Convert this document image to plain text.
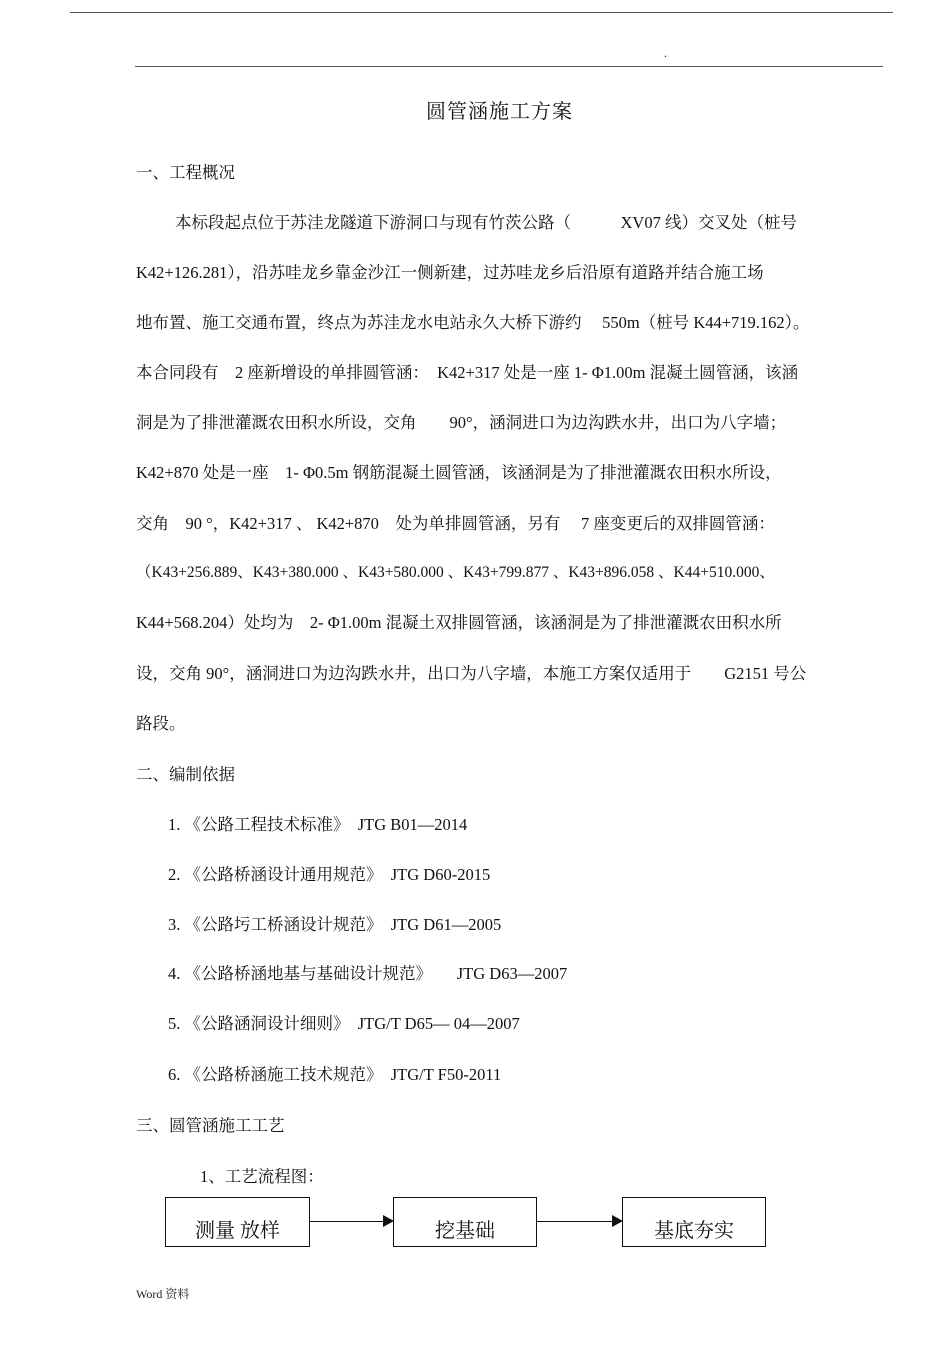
.
圆管涵施工方案
一、工程概况
本标段起点位于苏洼龙隧道下游洞口与现有竹茨公路（　　　XV07 线）交叉处（桩号
K42+126.281），沿苏哇龙乡靠金沙江一侧新建，过苏哇龙乡后沿原有道路并结合施工场
地布置、施工交通布置，终点为苏洼龙水电站永久大桥下游约　 550m（桩号 K44+719.162）。
本合同段有　2 座新增设的单排圆管涵：　K42+317 处是一座 1- Φ1.00m 混凝土圆管涵，该涵
洞是为了排泄灌溉农田积水所设，交角　　90°，涵洞进口为边沟跌水井，出口为八字墙；
K42+870 处是一座　1- Φ0.5m 钢筋混凝土圆管涵，该涵洞是为了排泄灌溉农田积水所设，
交角　90 °，K42+317 、 K42+870　处为单排圆管涵，另有　 7 座变更后的双排圆管涵：
（K43+256.889、K43+380.000 、K43+580.000 、K43+799.877 、K43+896.058 、K44+510.000、
K44+568.204）处均为　2- Φ1.00m 混凝土双排圆管涵，该涵洞是为了排泄灌溉农田积水所
设，交角 90°，涵洞进口为边沟跌水井，出口为八字墙，本施工方案仅适用于　　G2151 号公
路段。
二、编制依据
1. 《公路工程技术标准》　JTG B01—2014
2. 《公路桥涵设计通用规范》　JTG D60-2015
3. 《公路圬工桥涵设计规范》　JTG D61—2005
4. 《公路桥涵地基与基础设计规范》　　JTG D63—2007
5. 《公路涵洞设计细则》　JTG/T D65— 04—2007
6. 《公路桥涵施工技术规范》　JTG/T F50-2011
三、圆管涵施工工艺
1、工艺流程图：
测量 放样	挖基础	基底夯实
Word 资料
